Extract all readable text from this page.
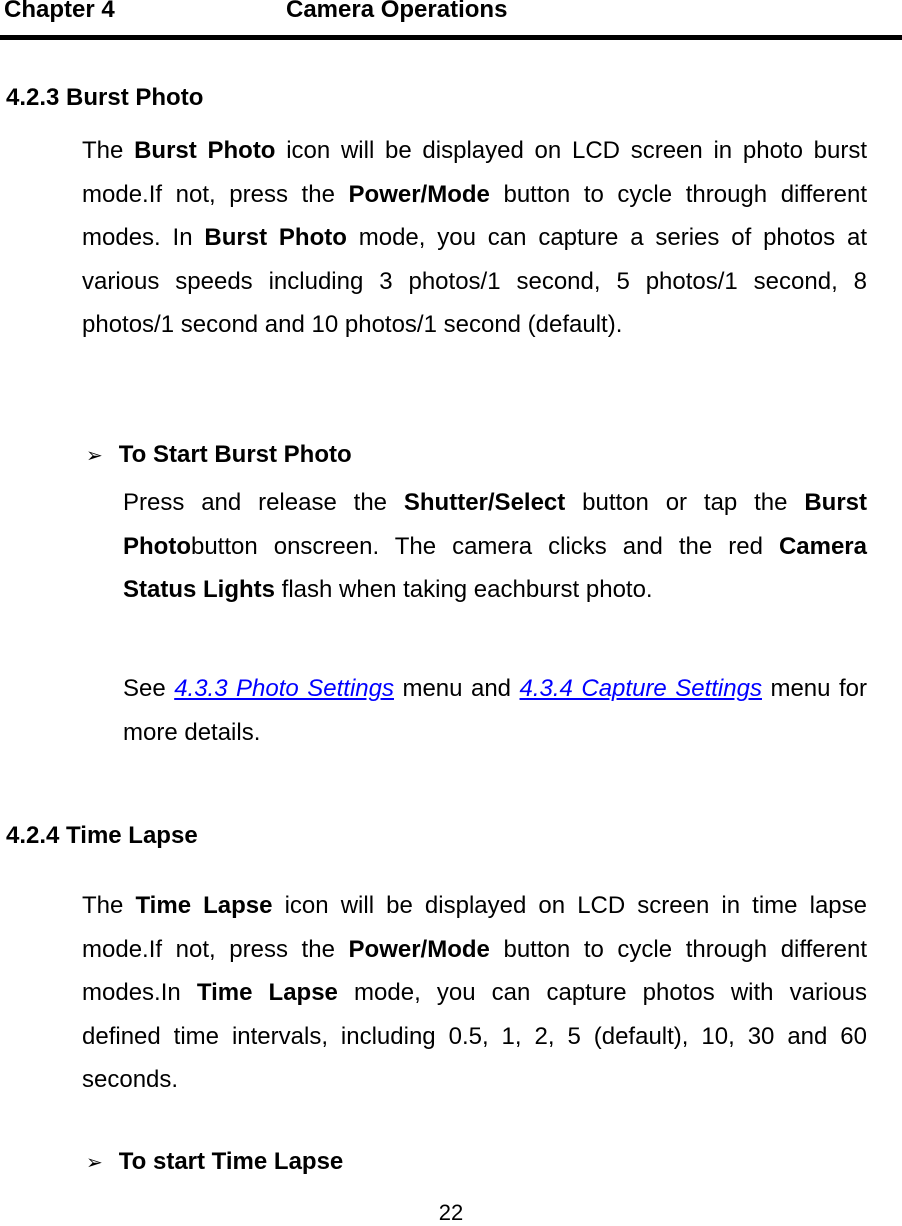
Chapter 4	Camera Operations
4.2.3 Burst Photo
The Burst Photo icon will be displayed on LCD screen in photo burst mode.If not, press the Power/Mode button to cycle through different modes. In Burst Photo mode, you can capture a series of photos at various speeds including 3 photos/1 second, 5 photos/1 second, 8 photos/1 second and 10 photos/1 second (default).
➢ To Start Burst Photo
Press and release the Shutter/Select button or tap the Burst Photobutton onscreen. The camera clicks and the red Camera Status Lights flash when taking eachburst photo.
See 4.3.3 Photo Settings menu and 4.3.4 Capture Settings menu for more details.
4.2.4 Time Lapse
The Time Lapse icon will be displayed on LCD screen in time lapse mode.If not, press the Power/Mode button to cycle through different modes.In Time Lapse mode, you can capture photos with various defined time intervals, including 0.5, 1, 2, 5 (default), 10, 30 and 60 seconds.
➢ To start Time Lapse
22
